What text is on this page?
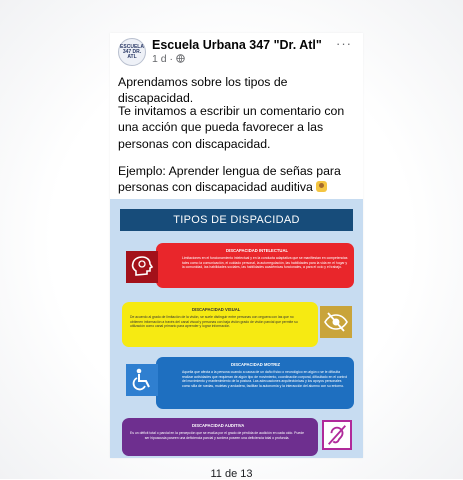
ESCUELA 347 DR. ATL
Escuela Urbana 347 "Dr. Atl"
1 d ·
···
Aprendamos sobre los tipos de discapacidad.
Te invitamos a escribir un comentario con una acción que pueda favorecer a las personas con discapacidad.
Ejemplo: Aprender lengua de señas para personas con discapacidad auditiva
TIPOS DE DISPACIDAD
DISCAPACIDAD INTELECTUAL
Limitaciones en el funcionamiento intelectual y en la conducta adaptativa que se manifiestan en competencias tales como la comunicación, el cuidado personal, la autorregulación, las habilidades para la vida en el hogar y la comunidad, las habilidades sociales, las habilidades académicas funcionales, a para el ocio y el trabajo.
DISCAPACIDAD VISUAL
De acuerdo al grado de limitación de la visión, se suele distinguir entre personas con ceguera con las que no obtienen información a través del canal visual y personas con baja visión grado de visión parcial que permite su utilización como canal primario para aprender y lograr información.
DISCAPACIDAD MOTRIZ
Aquella que afecta a la persona cuando a causa de un daño físico o neurológico en algún o se le dificulta realizar actividades que requieran de algún tipo de movimiento, coordinación corporal, dificultado en el control del movimiento y mantenimiento de la postura. Las adecuaciones arquitectónicas y los apoyos personales como silla de ruedas, muletas y andadera, facilitan la autonomía y la interacción del alumno con su entorno.
DISCAPACIDAD AUDITIVA
Es un déficit total o parcial en la percepción que se evalúa por el grado de pérdida de audición en cada oído. Puede ser hipoacusia poseen una deficiencia parcial y sordera poseen una deficiencia total o profunda.
11 de 13
